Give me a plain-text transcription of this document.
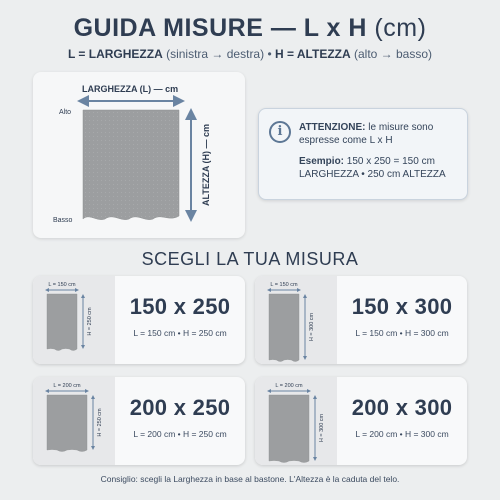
GUIDA MISURE — L x H (cm)
L = LARGHEZZA (sinistra → destra) • H = ALTEZZA (alto → basso)
LARGHEZZA (L) — cm
Alto
Basso
ALTEZZA (H) — cm	i	ATTENZIONE: le misure sono espresse come L x H
Esempio: 150 x 250 = 150 cm LARGHEZZA • 250 cm ALTEZZA
SCEGLI LA TUA MISURA
L = 150 cm
H = 250 cm
150 x 250
L = 150 cm • H = 250 cm
L = 150 cm
H = 300 cm
150 x 300
L = 150 cm • H = 300 cm
L = 200 cm
H = 250 cm
200 x 250
L = 200 cm • H = 250 cm
L = 200 cm
H = 300 cm
200 x 300
L = 200 cm • H = 300 cm
Consiglio: scegli la Larghezza in base al bastone. L'Altezza è la caduta del telo.
